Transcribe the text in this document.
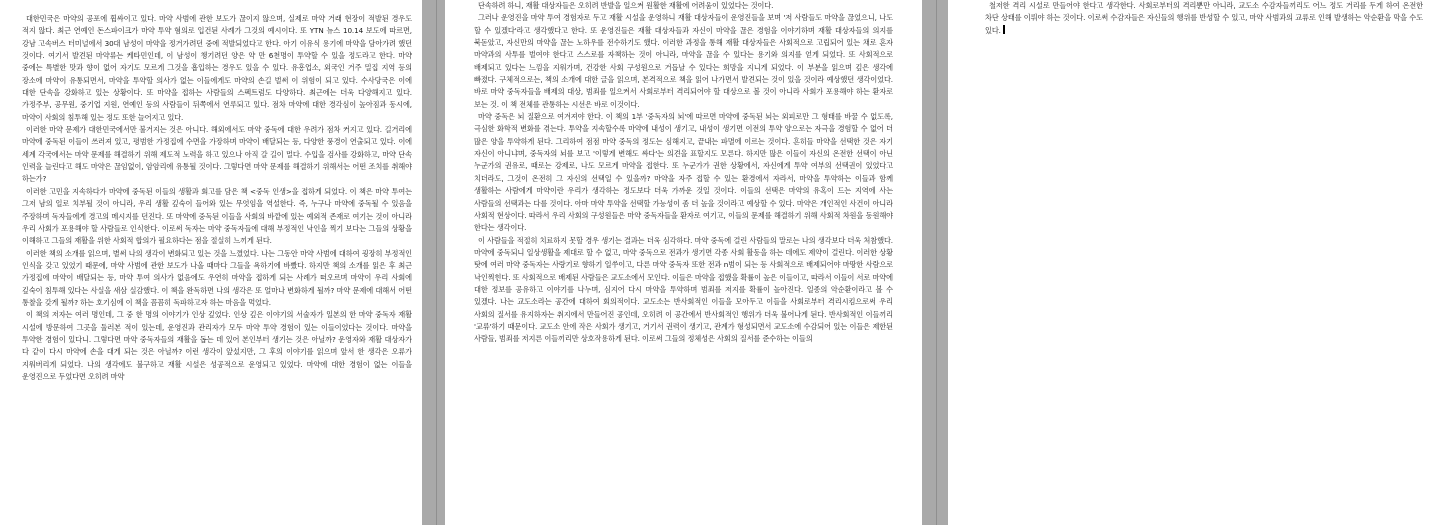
대한민국은 마약의 공포에 휩싸이고 있다. 마약 사범에 관한 보도가 끊이지 않으며, 실제로 마약 거래 현장이 적발된 경우도 적지 않다. 최근 연예인 돈스파이크가 마약 투약 혐의로 입건된 사례가 그것의 예시이다. 또 YTN 뉴스 10.14 보도에 따르면, 강남 고속버스 터미널에서 30대 남성이 마약을 정거가려던 중에 적발되었다고 한다. 아기 이유식 용기에 마약을 담아가려 했던 것이다. 여기서 발견된 마약류는 케타민인데, 이 남성이 챙기려던 양은 약 만 6천명이 투약할 수 있을 정도라고 한다. 마약 중에는 특별한 맛과 향이 없어 자기도 모르게 그것을 흡입하는 경우도 있을 수 있다. 유흥업소, 외국인 거주 밀집 지역 등의 장소에 마약이 유통되면서, 마약을 투약할 의사가 없는 이들에게도 마약의 손길 벌써 이 위험이 되고 있다. 수사당국은 이에 대한 단속을 강화하고 있는 상황이다. 또 마약을 접하는 사람들의 스펙트럼도 다양하다. 최근에는 더욱 다양해지고 있다. 가정주부, 공무원, 중기업 지원, 연예인 등의 사람들이 뒤쪽에서 연루되고 있다. 점차 마약에 대한 경각심이 높아짐과 동시에, 마약이 사회의 침투해 있는 정도 또한 늘어지고 있다.

이러한 마약 문제가 대한민국에서만 불거지는 것은 아니다. 해외에서도 마약 중독에 대한 우려가 점차 커지고 있다. 길거리에 마약에 중독된 이들이 쓰러져 있고, 평범한 가정집에 수면을 가장하며 마약이 배달되는 등, 다양한 풍경이 연출되고 있다. 이에 세계 각국에서는 마약 문제를 해결하기 위해 제도적 노력을 하고 있으나 아직 갈 길이 멀다. 수입을 검사를 강화하고, 마약 단속 인력을 늘린다고 해도 마약은 끊임없이, 암암리에 유통될 것이다. 그렇다면 마약 문제를 해결하기 위해서는 어떤 조치를 취해야 하는가?

이러한 고민을 지속하다가 마약에 중독된 이들의 생활과 회고를 담은 책 <중독 인생>을 접하게 되었다. 이 책은 마약 투여는 그저 남의 일로 치부될 것이 아니라, 우리 생활 깊숙이 들어와 있는 무엇임을 역설한다. 즉, 누구나 마약에 중독될 수 있음을 주장하며 독자들에게 경고의 메시지를 던진다. 또 마약에 중독된 이들을 사회의 바깥에 있는 예외적 존재로 여기는 것이 아니라 우리 사회가 포용해야 할 사람들로 인식한다. 이로써 독자는 마약 중독자들에 대해 부정적인 낙인을 찍기 보다는 그들의 상황을 이해하고 그들의 재활을 위한 사회적 합의가 필요하다는 점을 절실히 느끼게 된다.

이러한 책의 소개를 읽으며, 별써 나의 생각이 변화되고 있는 것을 느꼈었다. 나는 그동안 마약 사범에 대하여 굉장히 부정적인 인식을 갖고 있었기 때문에, 마약 사범에 관한 보도가 나올 때마다 그들을 욕하기에 바빴다. 하지만 책의 소개를 읽은 후 최근 가정집에 마약이 배달되는 등, 마약 투여 의사가 없음에도 우연히 마약을 접하게 되는 사례가 떠오르며 마약이 우리 사회에 깊숙이 침투해 있다는 사실을 새삼 실감했다. 이 책을 완독하면 나의 생각은 또 얼마나 변화하게 될까? 마약 문제에 대해서 어떤 통찰을 갖게 될까? 하는 호기심에 이 책을 꼼꼼히 독파하고자 하는 마음을 먹었다.

이 책의 저자는 여러 명인데, 그 중 한 명의 이야기가 인상 깊었다. 인상 깊은 이야기의 서술자가 일본의 한 마약 중독자 재활 시설에 방문하여 그곳을 둘러본 적이 있는데, 운영진과 관리자가 모두 마약 투약 경험이 있는 이들이었다는 것이다. 마약을 투약한 경험이 있다니. 그렇다면 마약 중독자들의 재활을 돕는 데 있어 본인부터 생기는 것은 아닐까? 운영자와 재활 대상자가 다 같이 다시 마약에 손을 대게 되는 것은 아닐까? 이런 생각이 앞섰지만, 그 후의 이야기를 읽으며 앞서 한 생각은 오류가 지워버리게 되었다. 나의 생각에도 불구하고 재활 시설은 성공적으로 운영되고 있었다. 마약에 대한 경험이 없는 이들을 운영진으로 두었다면 오히려 마약

단속하려 하니, 재활 대상자들은 오히려 반발을 일으켜 원활한 재활에 어려움이 있었다는 것이다.

그러나 운영진을 마약 투여 경험자로 두고 재활 시설을 운영하니 재활 대상자들이 운영진들을 보며 '저 사람들도 마약을 끊었으니, 나도 할 수 있겠다'라고 생각했다고 한다. 또 운영진들은 재활 대상자들과 자신이 마약을 끊은 경험을 이야기하며 재활 대상자들의 의지를 북돋았고, 자신만의 마약을 끊는 노하우를 전수하기도 했다. 이러한 과정을 통해 재활 대상자들은 사회적으로 고립되어 있는 채로 혼자 마약과의 사투를 벌여야 한다고 스스로를 자책하는 것이 아니라, 마약을 끊을 수 있다는 용기와 의지를 얻게 되었다. 또 사회적으로 배제되고 있다는 느낌을 지워가며, 건강한 사회 구성원으로 거듭날 수 있다는 희망을 지니게 되었다. 이 부분을 읽으며 깊은 생각에 빠졌다. 구체적으로는, 책의 소개에 대한 글을 읽으며, 본격적으로 책을 읽어 나가면서 발견되는 것이 있을 것이라 예상했던 생각이었다. 바로 마약 중독자들을 배제의 대상, 범죄를 일으켜서 사회로부터 격리되어야 할 대상으로 볼 것이 아니라 사회가 포용해야 하는 환자로 보는 것. 이 책 전체를 관통하는 시선은 바로 이것이다.

마약 중독은 뇌 질환으로 여겨져야 한다. 이 책의 1부 '중독자의 뇌'에 따르면 마약에 중독된 뇌는 외피로만 그 형태를 바꿀 수 없도록, 극심한 화학적 변화를 겪는다. 투약을 지속할수록 마약에 내성이 생기고, 내성이 생기면 이전의 투약 양으로는 자극을 경험할 수 없어 더 많은 양을 투약하게 된다. 그리하여 점점 마약 중독의 정도는 심해지고, 끝내는 파멸에 이르는 것이다. 흔히들 마약을 선택한 것은 자기 자신이 아니냐며, 중독자의 뇌를 보고 '이렇게 변해도 싸다'는 의견을 표할지도 모른다. 하지만 많은 이들이 자신의 온전한 선택이 아닌 누군가의 권유로, 때로는 강제로, 나도 모르게 마약을 접한다. 또 누군가가 권한 상황에서, 자신에게 투약 여부의 선택권이 있었다고 치더라도, 그것이 온전히 그 자신의 선택일 수 있을까? 마약을 자주 접할 수 있는 환경에서 자라서, 마약을 투약하는 이들과 함께 생활하는 사람에게 마약이란 우리가 생각하는 정도보다 더욱 가까운 것일 것이다. 이들의 선택은 마약의 유혹이 드는 지역에 사는 사람들의 선택과는 다를 것이다. 아마 마약 투약을 선택할 가능성이 좀 더 높을 것이라고 예상할 수 있다. 마약은 개인적인 사건이 아니라 사회적 현상이다. 따라서 우리 사회의 구성원들은 마약 중독자들을 환자로 여기고, 이들의 문제를 해결하기 위해 사회적 차원을 동원해야 한다는 생각이다.

이 사람들을 적절히 치료하지 못할 경우 생기는 결과는 더욱 심각하다. 마약 중독에 걸린 사람들의 말로는 나의 생각보다 더욱 처참했다. 마약에 중독되니 일상생활을 제대로 할 수 없고, 마약 중독으로 전과가 생기면 각종 사회 활동을 하는 데에도 제약이 걸린다. 이러한 상황 탓에 여러 마약 중독자는 사랑기로 향하기 일쑤이고, 다른 마약 중독자 또한 전과 n범이 되는 등 사회적으로 배제되어야 마땅한 사람으로 낙인찍힌다. 또 사회적으로 배제된 사람들은 교도소에서 모인다. 이들은 마약을 접했을 확률이 높은 이들이고, 따라서 이들이 서로 마약에 대한 정보를 공유하고 이야기를 나누며, 심지어 다시 마약을 투약하며 범죄를 저지를 확률이 높아진다. 일종의 악순환이라고 볼 수 있겠다. 나는 교도소라는 공간에 대하여 회의적이다. 교도소는 반사회적인 이들을 모아두고 이들을 사회로부터 격리시킴으로써 우리 사회의 질서를 유지하자는 취지에서 만들어진 공인데, 오히려 이 공간에서 반사회적인 행위가 더욱 불어나게 된다. 반사회적인 이들끼리 '교류'하기 때문이다. 교도소 안에 작은 사회가 생기고, 거기서 권력이 생기고, 관계가 형성되면서 교도소에 수감되어 있는 이들은 제한된 사람들, 범죄를 저지른 이들끼리만 상호작용하게 된다. 이로써 그들의 정체성은 사회의 질서를 준수하는 이들의

철저한 격리 시설로 만들어야 한다고 생각한다. 사회로부터의 격리뿐만 아니라, 교도소 수감자들끼리도 어느 정도 거리를 두게 하여 온전한 차단 상태를 이뤄야 하는 것이다. 이로써 수감자들은 자신들의 행위를 반성할 수 있고, 마약 사범과의 교류로 인해 발생하는 악순환을 막을 수도 있다.
